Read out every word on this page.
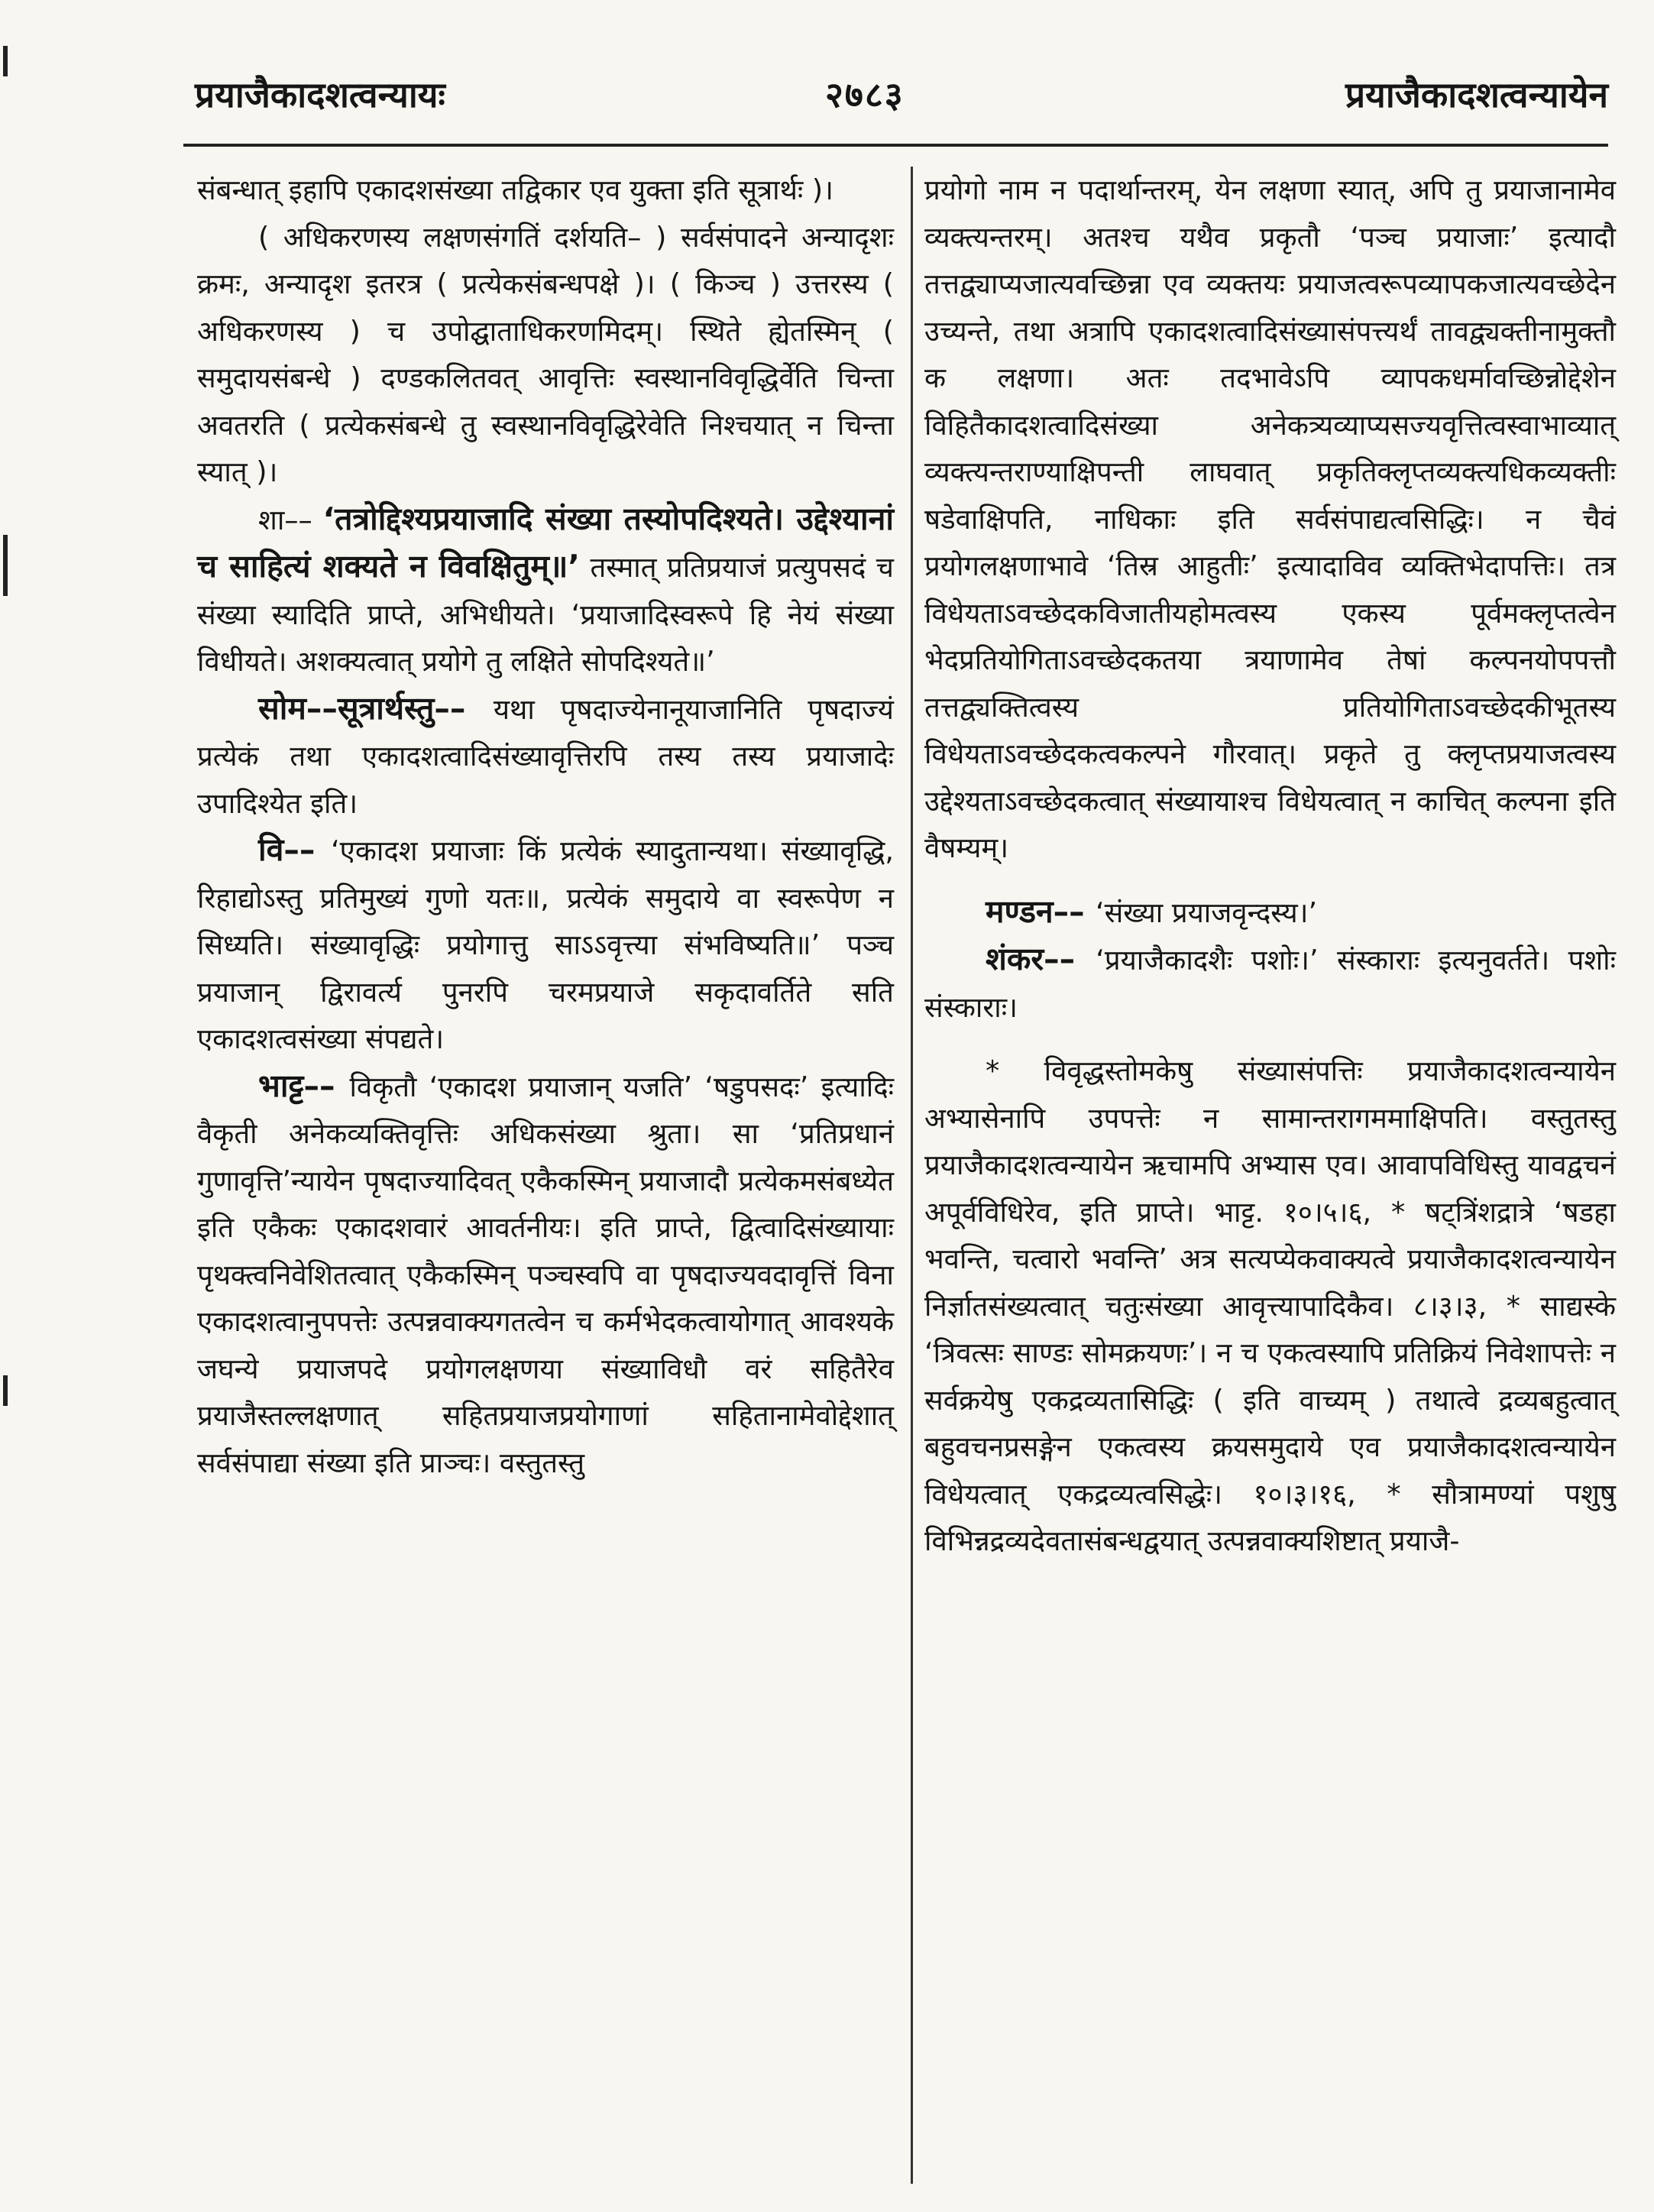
प्रयाजैकादशत्वन्यायः	२७८३	प्रयाजैकादशत्वन्यायेन

संबन्धात् इहापि एकादशसंख्या तद्विकार एव युक्ता इति सूत्रार्थः )।

( अधिकरणस्य लक्षणसंगतिं दर्शयति– ) सर्वसंपादने अन्यादृशः क्रमः, अन्यादृश इतरत्र ( प्रत्येकसंबन्धपक्षे )। ( किञ्च ) उत्तरस्य ( अधिकरणस्य ) च उपोद्घाताधिकरणमिदम्। स्थिते ह्येतस्मिन् ( समुदायसंबन्धे ) दण्डकलितवत् आवृत्तिः स्वस्थानविवृद्धिर्वेति चिन्ता अवतरति ( प्रत्येकसंबन्धे तु स्वस्थानविवृद्धिरेवेति निश्चयात् न चिन्ता स्यात् )।

शा–– ‘तत्रोद्दिश्यप्रयाजादि संख्या तस्योपदिश्यते। उद्देश्यानां च साहित्यं शक्यते न विवक्षितुम्॥’ तस्मात् प्रतिप्रयाजं प्रत्युपसदं च संख्या स्यादिति प्राप्ते, अभिधीयते। ‘प्रयाजादिस्वरूपे हि नेयं संख्या विधीयते। अशक्यत्वात् प्रयोगे तु लक्षिते सोपदिश्यते॥’

सोम––सूत्रार्थस्तु–– यथा पृषदाज्येनानूयाजानिति पृषदाज्यं प्रत्येकं तथा एकादशत्वादिसंख्यावृत्तिरपि तस्य तस्य प्रयाजादेः उपादिश्येत इति।

वि–– ‘एकादश प्रयाजाः किं प्रत्येकं स्यादुतान्यथा। संख्यावृद्धि, रिहाद्योऽस्तु प्रतिमुख्यं गुणो यतः॥, प्रत्येकं समुदाये वा स्वरूपेण न सिध्यति। संख्यावृद्धिः प्रयोगात्तु साऽऽवृत्त्या संभविष्यति॥’ पञ्च प्रयाजान् द्विरावर्त्य पुनरपि चरमप्रयाजे सकृदावर्तिते सति एकादशत्वसंख्या संपद्यते।

भाट्ट–– विकृतौ ‘एकादश प्रयाजान् यजति’ ‘षडुपसदः’ इत्यादिः वैकृती अनेकव्यक्तिवृत्तिः अधिकसंख्या श्रुता। सा ‘प्रतिप्रधानं गुणावृत्ति’न्यायेन पृषदाज्यादिवत् एकैकस्मिन् प्रयाजादौ प्रत्येकमसंबध्येत इति एकैकः एकादशवारं आवर्तनीयः। इति प्राप्ते, द्वित्वादिसंख्यायाः पृथक्त्वनिवेशितत्वात् एकैकस्मिन् पञ्चस्वपि वा पृषदाज्यवदावृत्तिं विना एकादशत्वानुपपत्तेः उत्पन्नवाक्यगतत्वेन च कर्मभेदकत्वायोगात् आवश्यके जघन्ये प्रयाजपदे प्रयोगलक्षणया संख्याविधौ वरं सहितैरेव प्रयाजैस्तल्लक्षणात् सहितप्रयाजप्रयोगाणां सहितानामेवोद्देशात् सर्वसंपाद्या संख्या इति प्राञ्चः। वस्तुतस्तु

प्रयोगो नाम न पदार्थान्तरम्, येन लक्षणा स्यात्, अपि तु प्रयाजानामेव व्यक्त्यन्तरम्। अतश्च यथैव प्रकृतौ ‘पञ्च प्रयाजाः’ इत्यादौ तत्तद्व्याप्यजात्यवच्छिन्ना एव व्यक्तयः प्रयाजत्वरूपव्यापकजात्यवच्छेदेन उच्यन्ते, तथा अत्रापि एकादशत्वादिसंख्यासंपत्त्यर्थं तावद्व्यक्तीनामुक्तौ क लक्षणा। अतः तदभावेऽपि व्यापकधर्मावच्छिन्नोद्देशेन विहितैकादशत्वादिसंख्या अनेकत्र्यव्याप्यसज्यवृत्तित्वस्वाभाव्यात् व्यक्त्यन्तराण्याक्षिपन्ती लाघवात् प्रकृतिक्लृप्तव्यक्त्यधिकव्यक्तीः षडेवाक्षिपति, नाधिकाः इति सर्वसंपाद्यत्वसिद्धिः। न चैवं प्रयोगलक्षणाभावे ‘तिस्र आहुतीः’ इत्यादाविव व्यक्तिभेदापत्तिः। तत्र विधेयताऽवच्छेदकविजातीयहोमत्वस्य एकस्य पूर्वमक्लृप्तत्वेन भेदप्रतियोगिताऽवच्छेदकतया त्रयाणामेव तेषां कल्पनयोपपत्तौ तत्तद्व्यक्तित्वस्य प्रतियोगिताऽवच्छेदकीभूतस्य विधेयताऽवच्छेदकत्वकल्पने गौरवात्। प्रकृते तु क्लृप्तप्रयाजत्वस्य उद्देश्यताऽवच्छेदकत्वात् संख्यायाश्च विधेयत्वात् न काचित् कल्पना इति वैषम्यम्।

मण्डन–– ‘संख्या प्रयाजवृन्दस्य।’

शंकर–– ‘प्रयाजैकादशैः पशोः।’ संस्काराः इत्यनुवर्तते। पशोः संस्काराः।

* विवृद्धस्तोमकेषु संख्यासंपत्तिः प्रयाजैकादशत्वन्यायेन अभ्यासेनापि उपपत्तेः न सामान्तरागममाक्षिपति। वस्तुतस्तु प्रयाजैकादशत्वन्यायेन ऋचामपि अभ्यास एव। आवापविधिस्तु यावद्वचनं अपूर्वविधिरेव, इति प्राप्ते। भाट्ट. १०।५।६, * षट्त्रिंशद्रात्रे ‘षडहा भवन्ति, चत्वारो भवन्ति’ अत्र सत्यप्येकवाक्यत्वे प्रयाजैकादशत्वन्यायेन निर्ज्ञातसंख्यत्वात् चतुःसंख्या आवृत्त्यापादिकैव। ८।३।३, * साद्यस्के ‘त्रिवत्सः साण्डः सोमक्रयणः’। न च एकत्वस्यापि प्रतिक्रियं निवेशापत्तेः न सर्वक्रयेषु एकद्रव्यतासिद्धिः ( इति वाच्यम् ) तथात्वे द्रव्यबहुत्वात् बहुवचनप्रसङ्गेन एकत्वस्य क्रयसमुदाये एव प्रयाजैकादशत्वन्यायेन विधेयत्वात् एकद्रव्यत्वसिद्धेः। १०।३।१६, * सौत्रामण्यां पशुषु विभिन्नद्रव्यदेवतासंबन्धद्वयात् उत्पन्नवाक्यशिष्टात् प्रयाजै-
